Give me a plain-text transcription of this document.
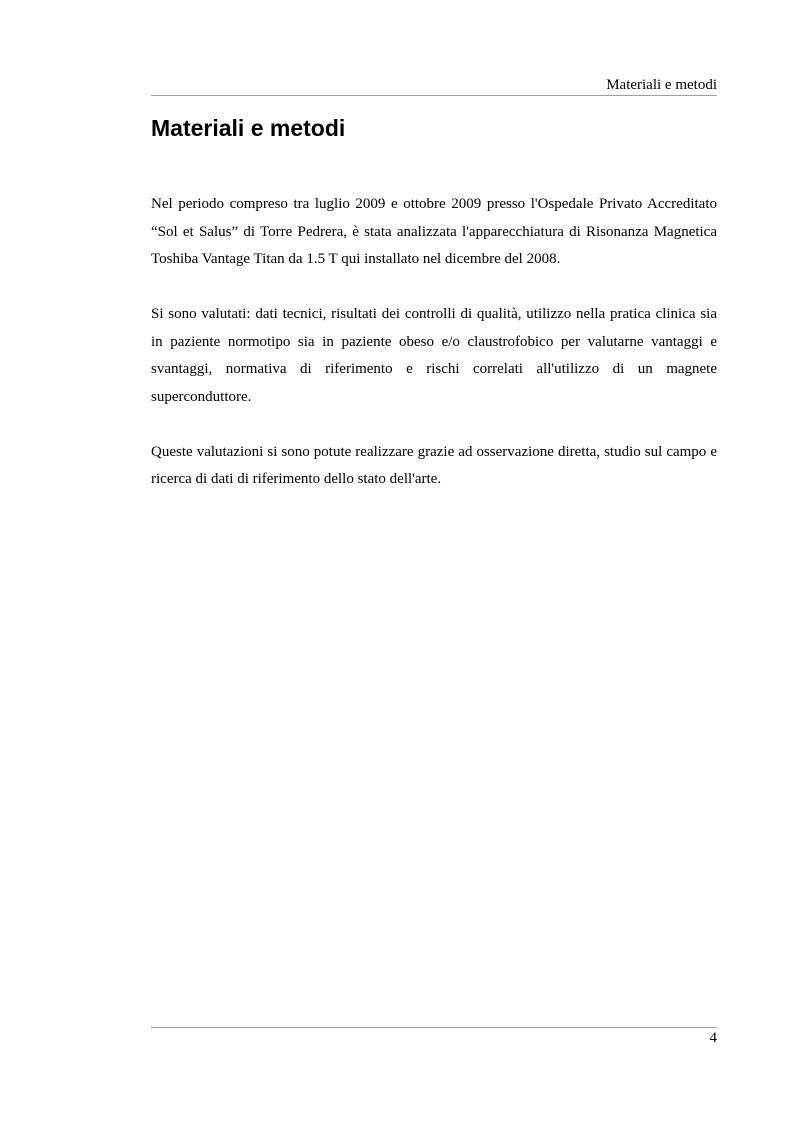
Materiali e metodi
Materiali e metodi

Nel periodo compreso tra luglio 2009 e ottobre 2009 presso l'Ospedale Privato Accreditato “Sol et Salus” di Torre Pedrera, è stata analizzata l'apparecchiatura di Risonanza Magnetica Toshiba Vantage Titan da 1.5 T qui installato nel dicembre del 2008.

Si sono valutati: dati tecnici, risultati dei controlli di qualità, utilizzo nella pratica clinica sia in paziente normotipo sia in paziente obeso e/o claustrofobico per valutarne vantaggi e svantaggi, normativa di riferimento e rischi correlati all'utilizzo di un magnete superconduttore.

Queste valutazioni si sono potute realizzare grazie ad osservazione diretta, studio sul campo e ricerca di dati di riferimento dello stato dell'arte.

4
